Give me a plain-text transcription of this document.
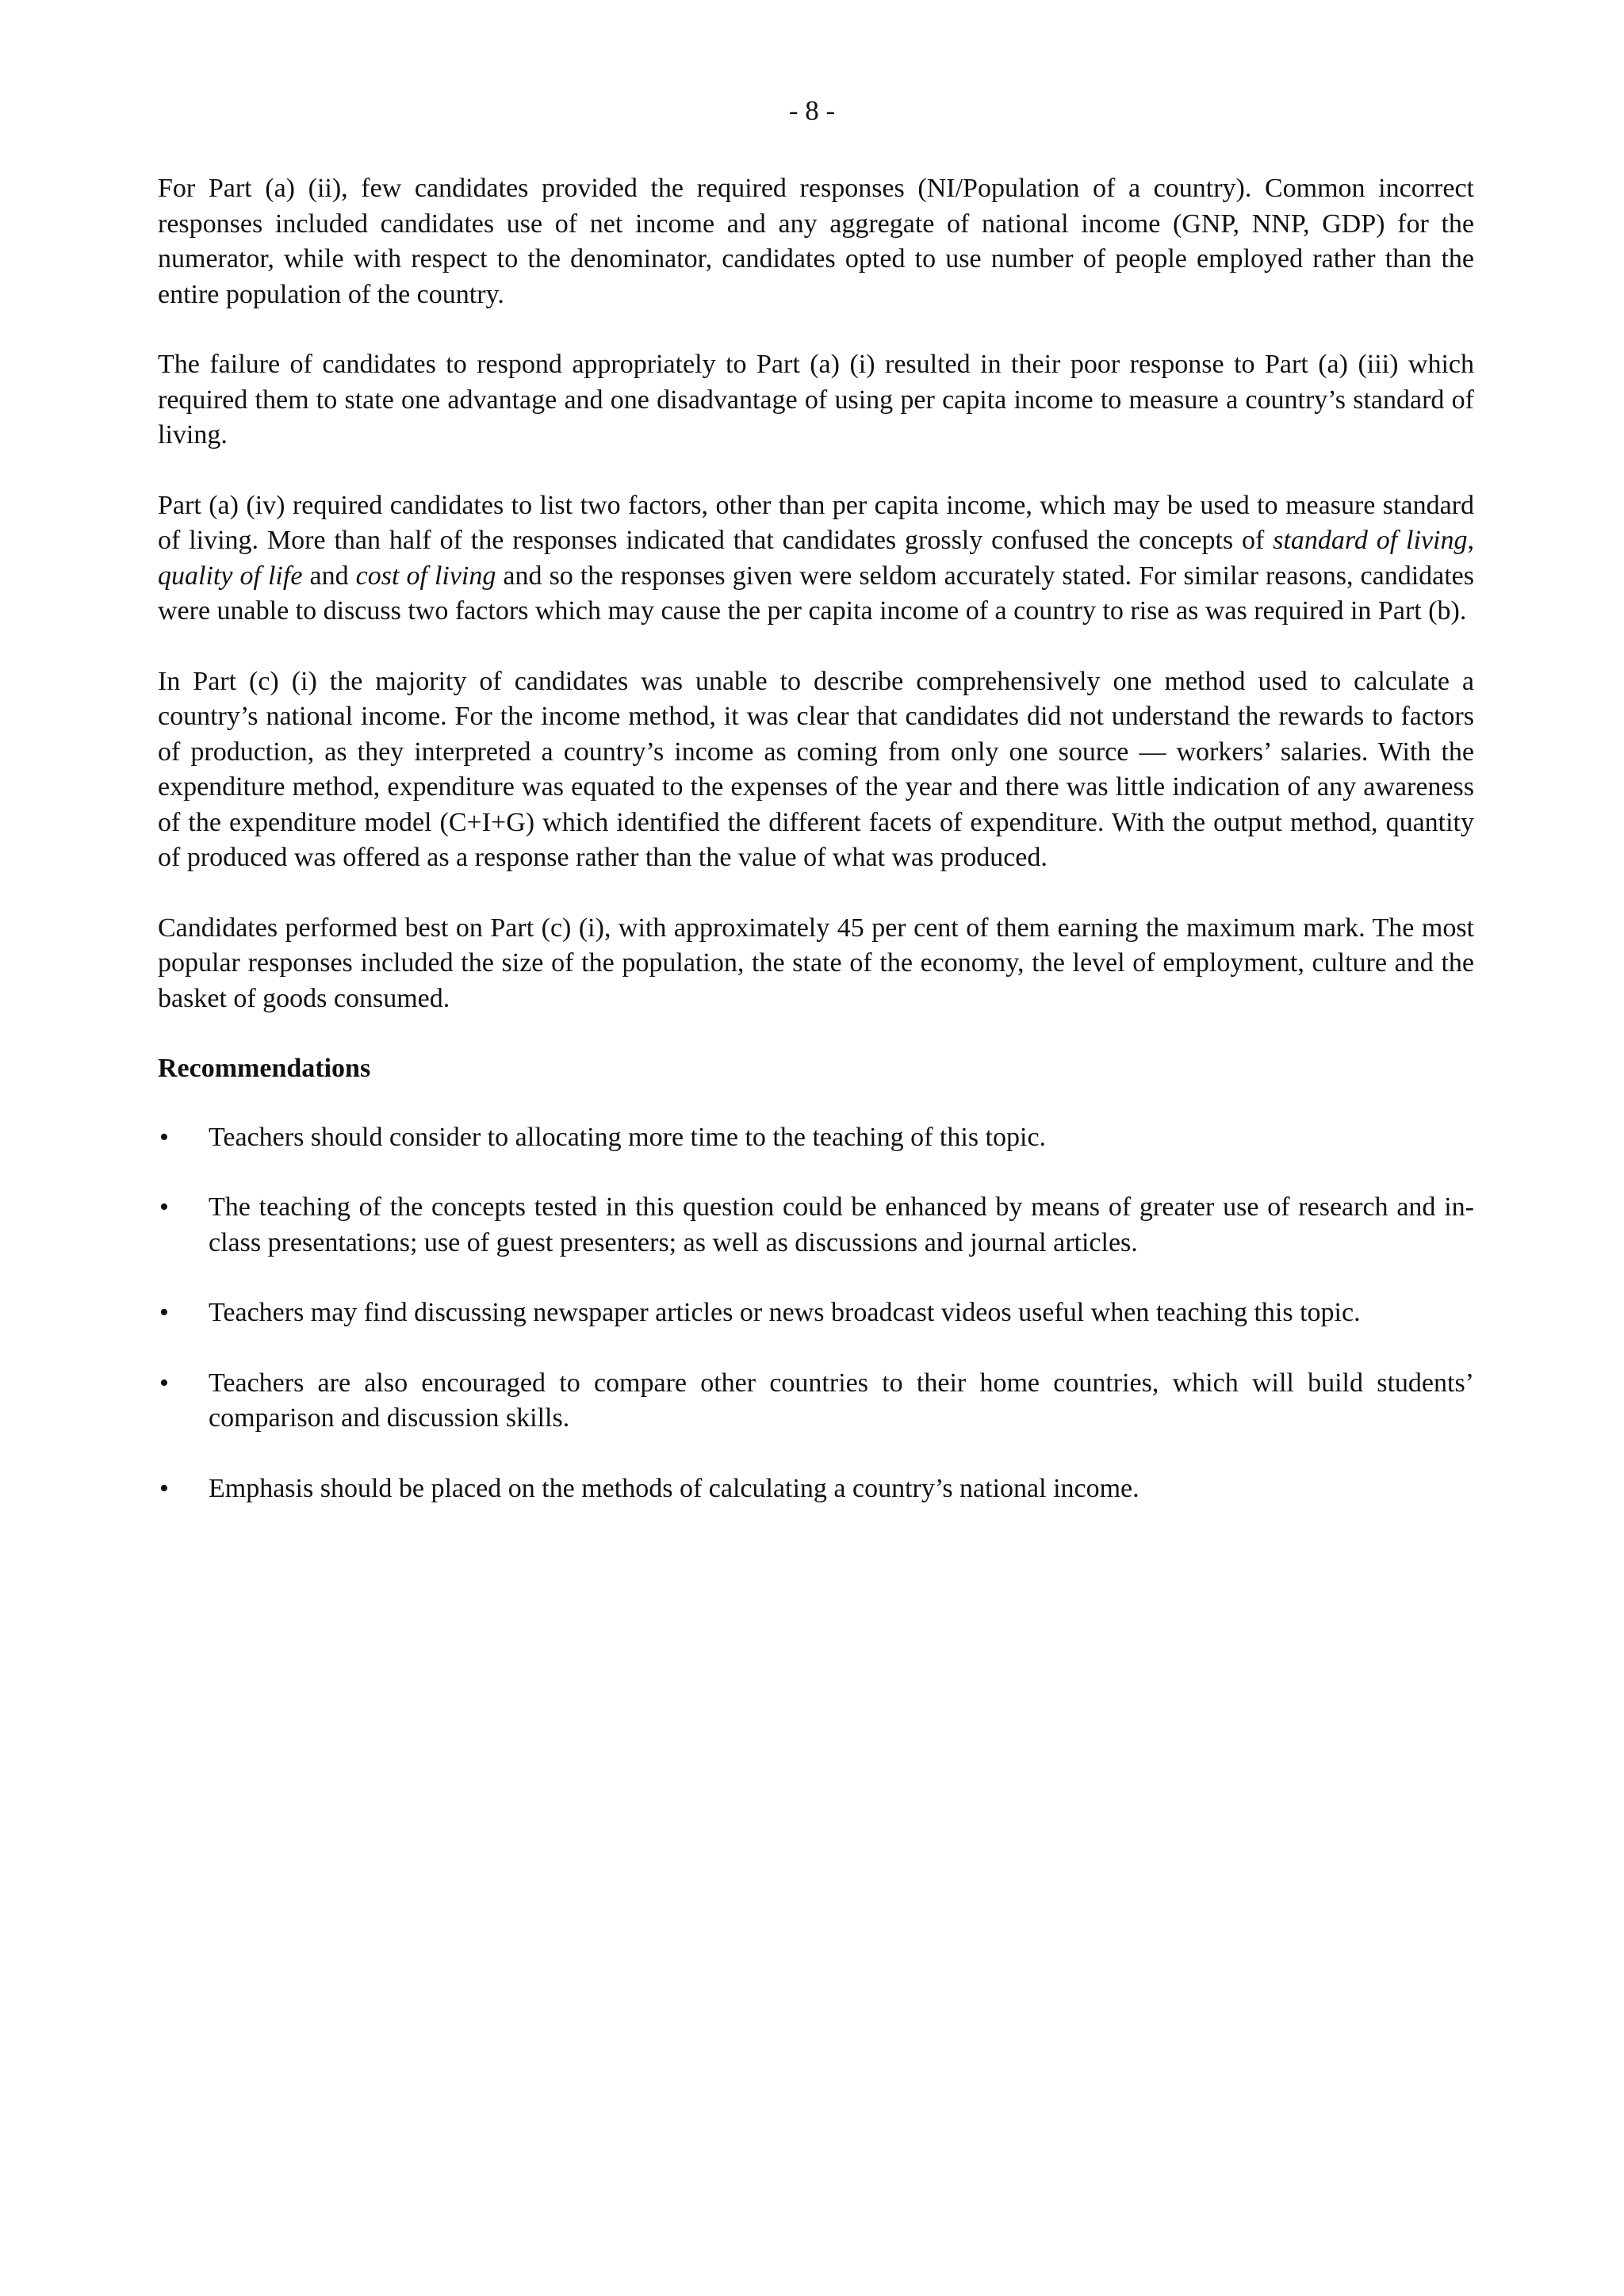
- 8 -

For Part (a) (ii), few candidates provided the required responses (NI/Population of a country). Common incorrect responses included candidates use of net income and any aggregate of national income (GNP, NNP, GDP) for the numerator, while with respect to the denominator, candidates opted to use number of people employed rather than the entire population of the country.

The failure of candidates to respond appropriately to Part (a) (i) resulted in their poor response to Part (a) (iii) which required them to state one advantage and one disadvantage of using per capita income to measure a country’s standard of living.

Part (a) (iv) required candidates to list two factors, other than per capita income, which may be used to measure standard of living. More than half of the responses indicated that candidates grossly confused the concepts of standard of living, quality of life and cost of living and so the responses given were seldom accurately stated. For similar reasons, candidates were unable to discuss two factors which may cause the per capita income of a country to rise as was required in Part (b).

In Part (c) (i) the majority of candidates was unable to describe comprehensively one method used to calculate a country’s national income. For the income method, it was clear that candidates did not understand the rewards to factors of production, as they interpreted a country’s income as coming from only one source — workers’ salaries. With the expenditure method, expenditure was equated to the expenses of the year and there was little indication of any awareness of the expenditure model (C+I+G) which identified the different facets of expenditure. With the output method, quantity of produced was offered as a response rather than the value of what was produced.

Candidates performed best on Part (c) (i), with approximately 45 per cent of them earning the maximum mark. The most popular responses included the size of the population, the state of the economy, the level of employment, culture and the basket of goods consumed.

Recommendations
•	Teachers should consider to allocating more time to the teaching of this topic.
•	The teaching of the concepts tested in this question could be enhanced by means of greater use of research and in-class presentations; use of guest presenters; as well as discussions and journal articles.
•	Teachers may find discussing newspaper articles or news broadcast videos useful when teaching this topic.
•	Teachers are also encouraged to compare other countries to their home countries, which will build students’ comparison and discussion skills.
•	Emphasis should be placed on the methods of calculating a country’s national income.
